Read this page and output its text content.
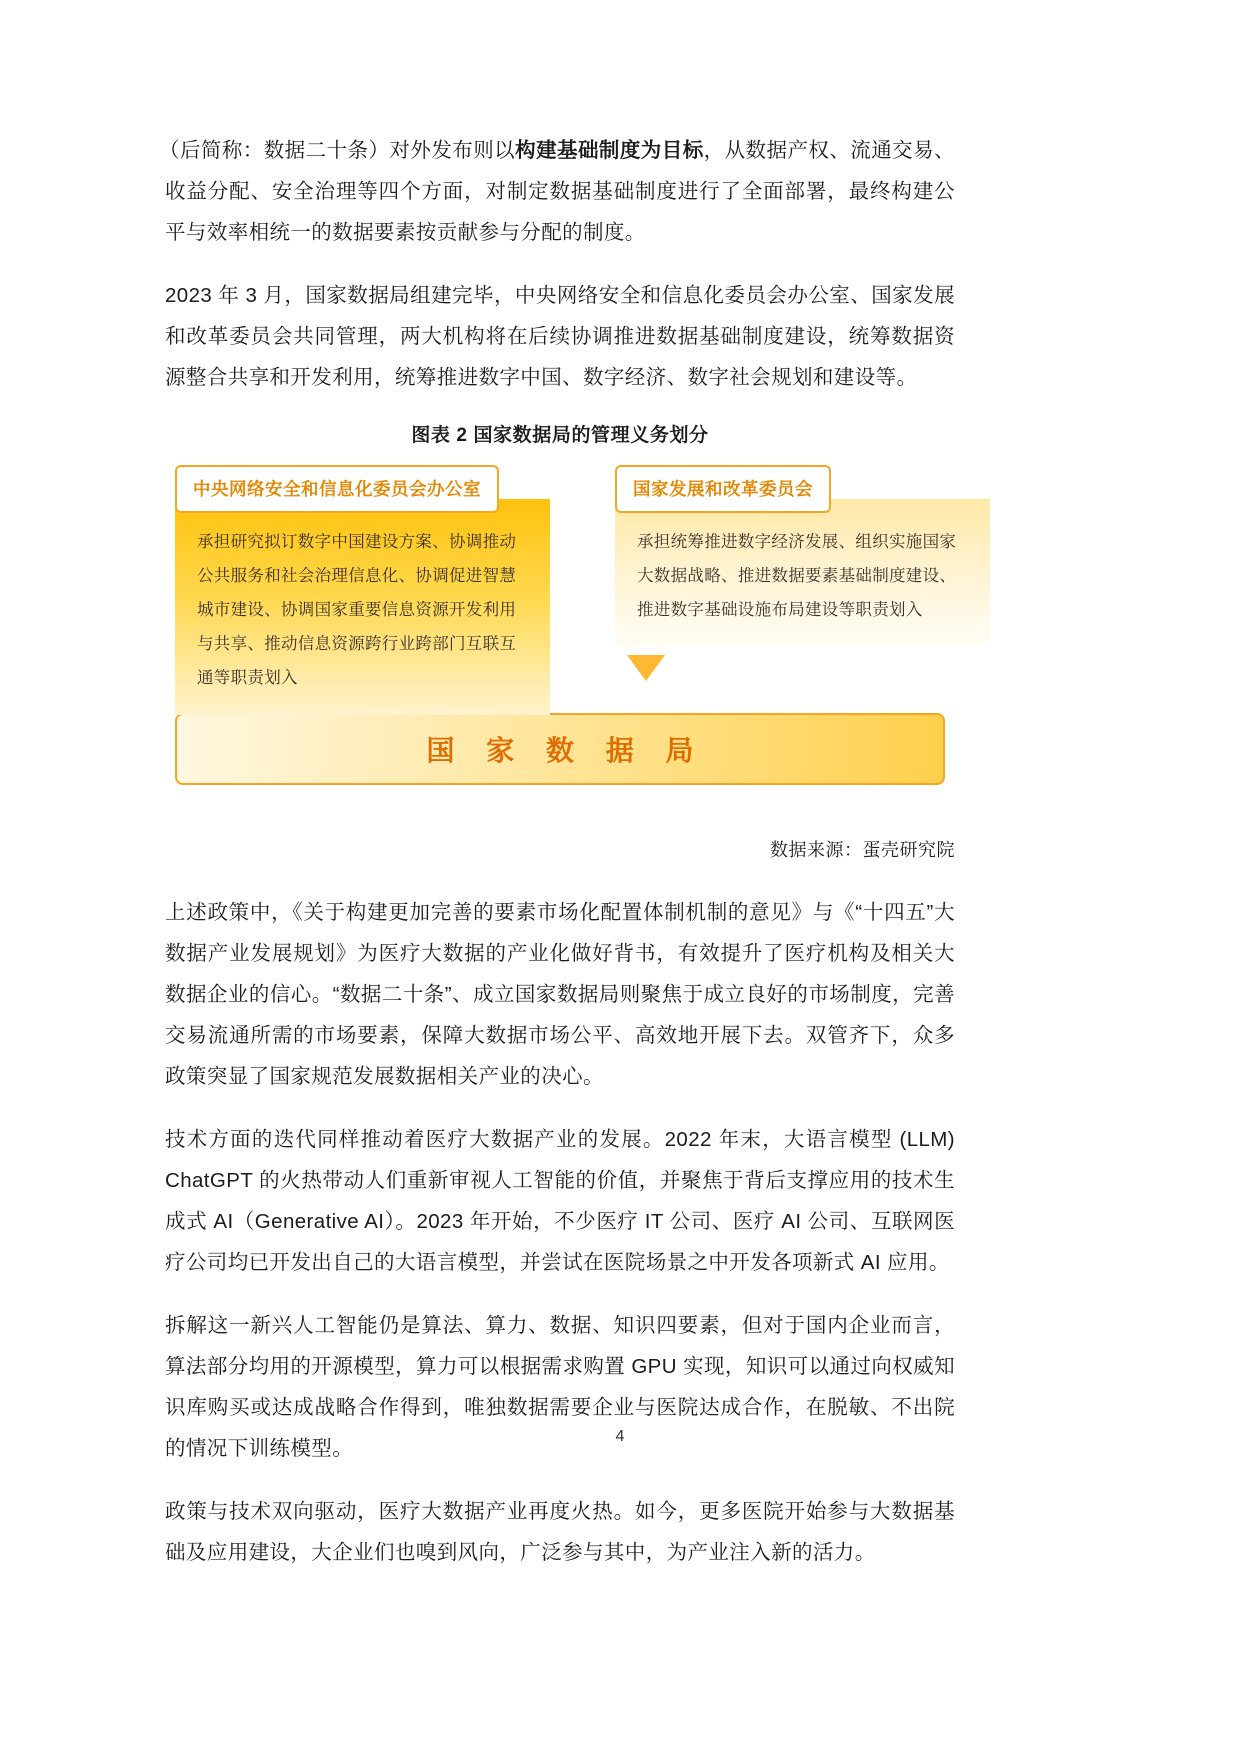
（后简称：数据二十条）对外发布则以构建基础制度为目标，从数据产权、流通交易、收益分配、安全治理等四个方面，对制定数据基础制度进行了全面部署，最终构建公平与效率相统一的数据要素按贡献参与分配的制度。

2023 年 3 月，国家数据局组建完毕，中央网络安全和信息化委员会办公室、国家发展和改革委员会共同管理，两大机构将在后续协调推进数据基础制度建设，统筹数据资源整合共享和开发利用，统筹推进数字中国、数字经济、数字社会规划和建设等。

图表 2 国家数据局的管理义务划分
中央网络安全和信息化委员会办公室
承担研究拟订数字中国建设方案、协调推动公共服务和社会治理信息化、协调促进智慧城市建设、协调国家重要信息资源开发利用与共享、推动信息资源跨行业跨部门互联互通等职责划入
国家发展和改革委员会
承担统筹推进数字经济发展、组织实施国家大数据战略、推进数据要素基础制度建设、推进数字基础设施布局建设等职责划入
国 家 数 据 局
数据来源：蛋壳研究院

上述政策中，《关于构建更加完善的要素市场化配置体制机制的意见》与《“十四五”大数据产业发展规划》为医疗大数据的产业化做好背书，有效提升了医疗机构及相关大数据企业的信心。“数据二十条”、成立国家数据局则聚焦于成立良好的市场制度，完善交易流通所需的市场要素，保障大数据市场公平、高效地开展下去。双管齐下，众多政策突显了国家规范发展数据相关产业的决心。

技术方面的迭代同样推动着医疗大数据产业的发展。2022 年末，大语言模型 (LLM) ChatGPT 的火热带动人们重新审视人工智能的价值，并聚焦于背后支撑应用的技术生成式 AI（Generative AI）。2023 年开始，不少医疗 IT 公司、医疗 AI 公司、互联网医疗公司均已开发出自己的大语言模型，并尝试在医院场景之中开发各项新式 AI 应用。

拆解这一新兴人工智能仍是算法、算力、数据、知识四要素，但对于国内企业而言，算法部分均用的开源模型，算力可以根据需求购置 GPU 实现，知识可以通过向权威知识库购买或达成战略合作得到，唯独数据需要企业与医院达成合作，在脱敏、不出院的情况下训练模型。

政策与技术双向驱动，医疗大数据产业再度火热。如今，更多医院开始参与大数据基础及应用建设，大企业们也嗅到风向，广泛参与其中，为产业注入新的活力。

4
